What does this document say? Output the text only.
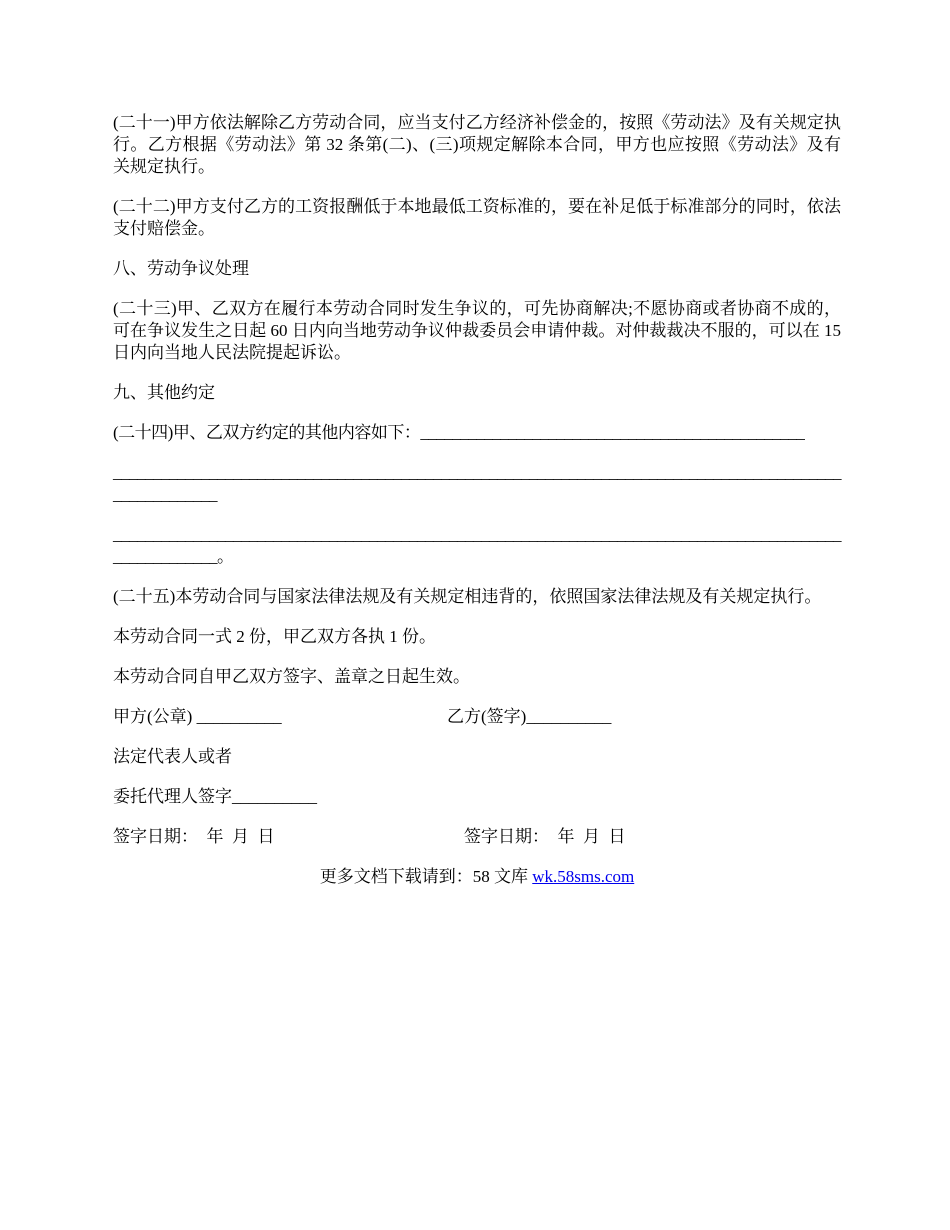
(二十一)甲方依法解除乙方劳动合同，应当支付乙方经济补偿金的，按照《劳动法》及有关规定执行。乙方根据《劳动法》第 32 条第(二)、(三)项规定解除本合同，甲方也应按照《劳动法》及有关规定执行。

(二十二)甲方支付乙方的工资报酬低于本地最低工资标准的，要在补足低于标准部分的同时，依法支付赔偿金。

八、劳动争议处理

(二十三)甲、乙双方在履行本劳动合同时发生争议的，可先协商解决;不愿协商或者协商不成的，可在争议发生之日起 60 日内向当地劳动争议仲裁委员会申请仲裁。对仲裁裁决不服的，可以在 15 日内向当地人民法院提起诉讼。

九、其他约定

(二十四)甲、乙双方约定的其他内容如下：________________________________________________

________________________________________________________________________________________________________

________________________________________________________________________________________________________。

(二十五)本劳动合同与国家法律法规及有关规定相违背的，依照国家法律法规及有关规定执行。

本劳动合同一式 2 份，甲乙双方各执 1 份。

本劳动合同自甲乙双方签字、盖章之日起生效。

甲方(公章) __________

	乙方(签字)__________

法定代表人或者

委托代理人签字__________

签字日期：  年  月  日

	签字日期：  年  月  日

更多文档下载请到：58 文库 wk.58sms.com
